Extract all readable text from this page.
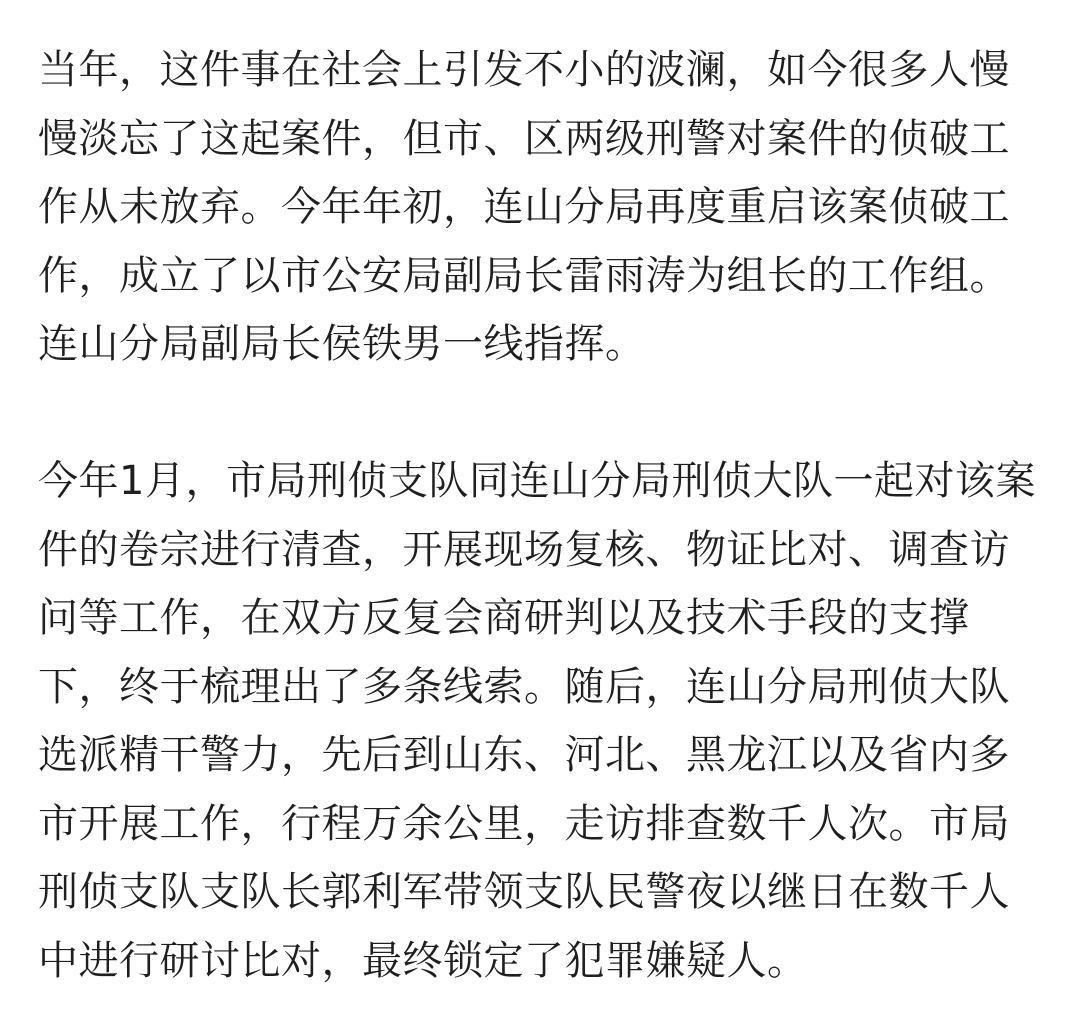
当年，这件事在社会上引发不小的波澜，如今很多人慢
慢淡忘了这起案件，但市、区两级刑警对案件的侦破工
作从未放弃。今年年初，连山分局再度重启该案侦破工
作，成立了以市公安局副局长雷雨涛为组长的工作组。
连山分局副局长侯铁男一线指挥。

今年1月，市局刑侦支队同连山分局刑侦大队一起对该案
件的卷宗进行清查，开展现场复核、物证比对、调查访
问等工作，在双方反复会商研判以及技术手段的支撑
下，终于梳理出了多条线索。随后，连山分局刑侦大队
选派精干警力，先后到山东、河北、黑龙江以及省内多
市开展工作，行程万余公里，走访排查数千人次。市局
刑侦支队支队长郭利军带领支队民警夜以继日在数千人
中进行研讨比对，最终锁定了犯罪嫌疑人。
